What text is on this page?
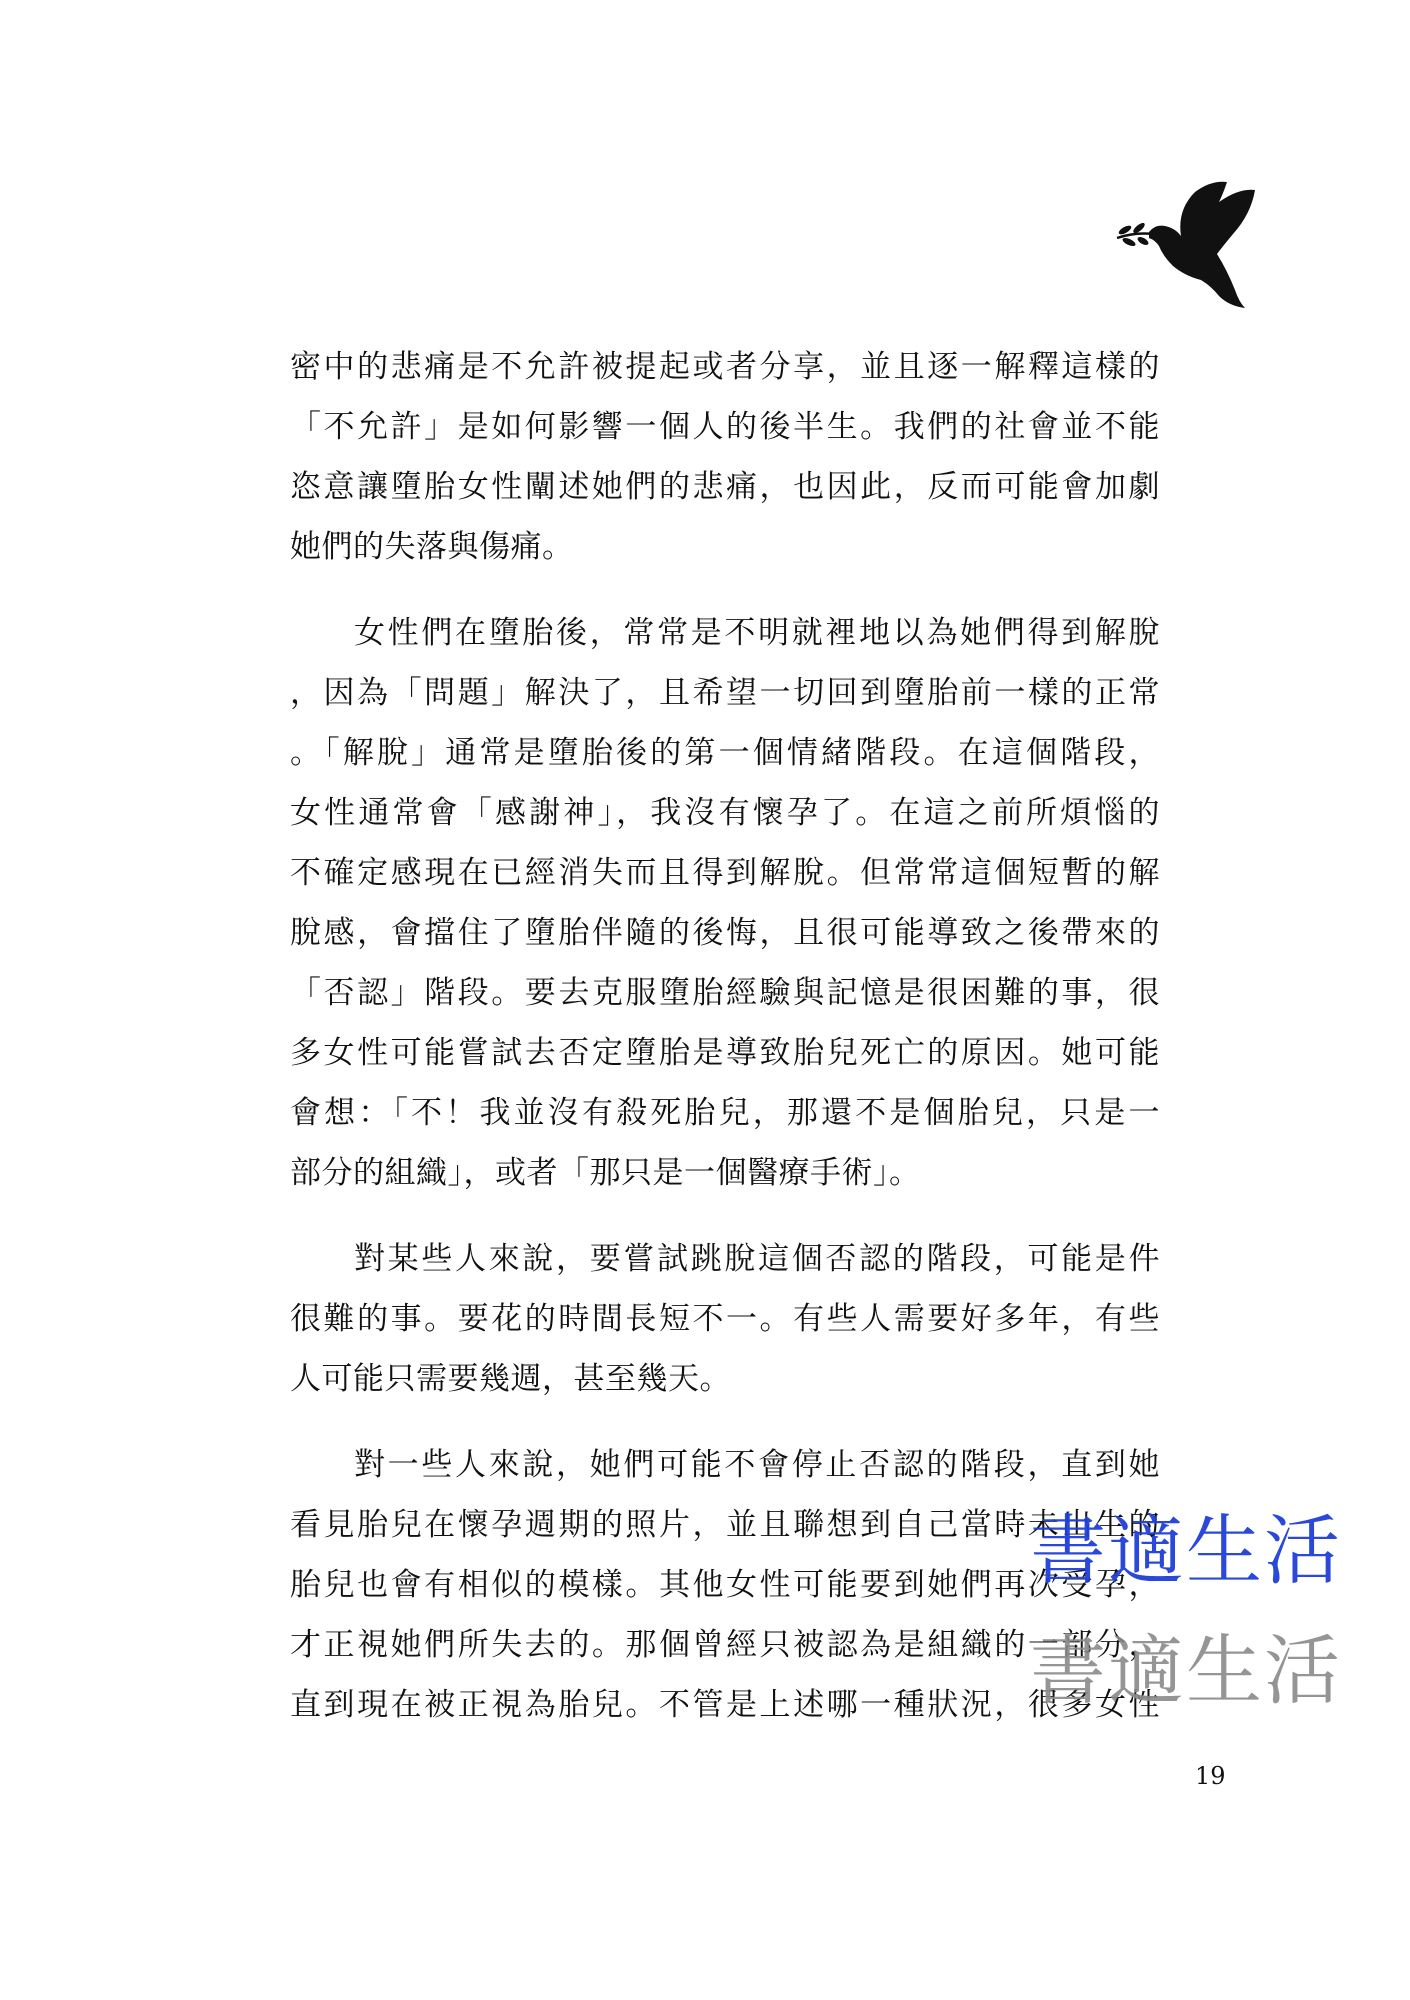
密中的悲痛是不允許被提起或者分享，並且逐一解釋這樣的
「不允許」是如何影響一個人的後半生。我們的社會並不能
恣意讓墮胎女性闡述她們的悲痛，也因此，反而可能會加劇
她們的失落與傷痛。
女性們在墮胎後，常常是不明就裡地以為她們得到解脫
，因為「問題」解決了，且希望一切回到墮胎前一樣的正常
。「解脫」通常是墮胎後的第一個情緒階段。在這個階段，
女性通常會「感謝神」，我沒有懷孕了。在這之前所煩惱的
不確定感現在已經消失而且得到解脫。但常常這個短暫的解
脫感，會擋住了墮胎伴隨的後悔，且很可能導致之後帶來的
「否認」階段。要去克服墮胎經驗與記憶是很困難的事，很
多女性可能嘗試去否定墮胎是導致胎兒死亡的原因。她可能
會想：「不！我並沒有殺死胎兒，那還不是個胎兒，只是一
部分的組織」，或者「那只是一個醫療手術」。
對某些人來說，要嘗試跳脫這個否認的階段，可能是件
很難的事。要花的時間長短不一。有些人需要好多年，有些
人可能只需要幾週，甚至幾天。
對一些人來說，她們可能不會停止否認的階段，直到她
看見胎兒在懷孕週期的照片，並且聯想到自己當時未出生的
胎兒也會有相似的模樣。其他女性可能要到她們再次受孕，
才正視她們所失去的。那個曾經只被認為是組織的一部分，
直到現在被正視為胎兒。不管是上述哪一種狀況，很多女性
書適生活
書適生活
19
